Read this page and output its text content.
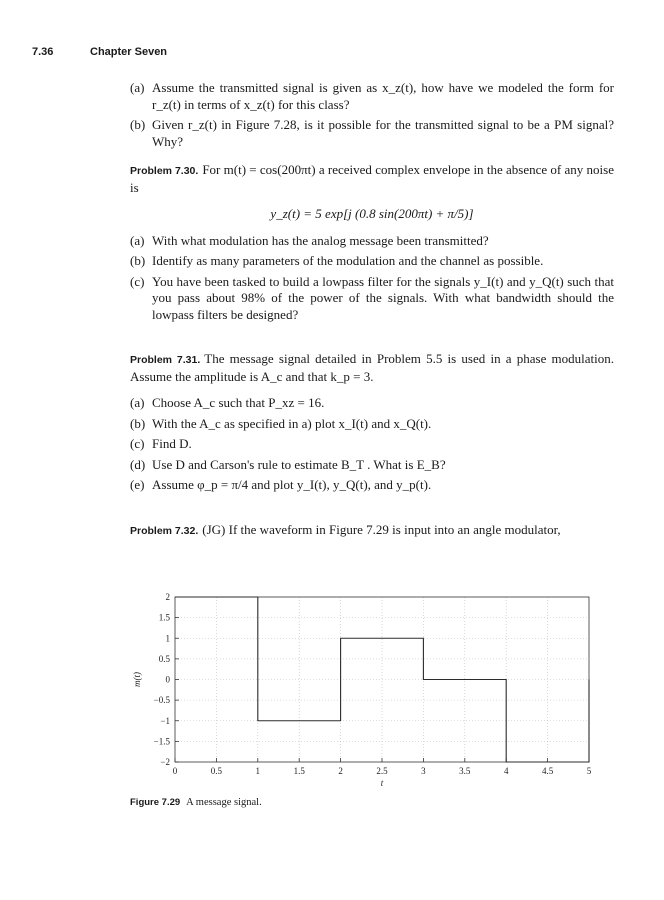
7.36	Chapter Seven

(a) Assume the transmitted signal is given as x_z(t), how have we modeled the form for r_z(t) in terms of x_z(t) for this class?

(b) Given r_z(t) in Figure 7.28, is it possible for the transmitted signal to be a PM signal? Why?

Problem 7.30. For m(t) = cos(200πt) a received complex envelope in the absence of any noise is

y_z(t) = 5 exp[j (0.8 sin(200πt) + π/5)]

(a) With what modulation has the analog message been transmitted?

(b) Identify as many parameters of the modulation and the channel as possible.

(c) You have been tasked to build a lowpass filter for the signals y_I(t) and y_Q(t) such that you pass about 98% of the power of the signals. With what bandwidth should the lowpass filters be designed?

Problem 7.31. The message signal detailed in Problem 5.5 is used in a phase modulation. Assume the amplitude is A_c and that k_p = 3.

(a) Choose A_c such that P_xz = 16.

(b) With the A_c as specified in a) plot x_I(t) and x_Q(t).

(c) Find D.

(d) Use D and Carson's rule to estimate B_T . What is E_B?

(e) Assume φ_p = π/4 and plot y_I(t), y_Q(t), and y_p(t).

Problem 7.32. (JG) If the waveform in Figure 7.29 is input into an angle modulator,

0	0.5	1	1.5	2	2.5	3	3.5	4	4.5	5
2
1.5
1
0.5
0
−0.5
−1
−1.5
−2
t
m(t)
Figure 7.29 A message signal.
